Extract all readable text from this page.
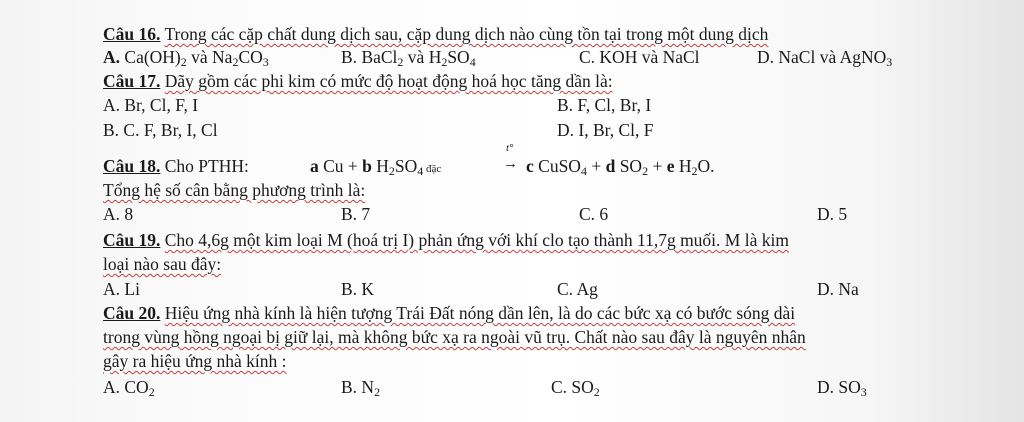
Câu 16. Trong các cặp chất dung dịch sau, cặp dung dịch nào cùng tồn tại trong một dung dịch
A. $Ca(OH)_2$ và $Na_2CO_3$	B. BaCl$_2$ và $H_2SO_4$	C. KOH và NaCl	D. NaCl và AgNO$_3$
Câu 17. Dãy gồm các phi kim có mức độ hoạt động hoá học tăng dần là:
A. Br, Cl, F, I	B. F, Cl, Br, I
B. C. F, Br, I, Cl	D. I, Br, Cl, F
Câu 18. Cho PTHH:	a Cu + b $H_2SO_4$ đặc
t°
→ c CuSO$_4$ + d $SO_2 + e$ $H_2O$.
Tổng hệ số cân bằng phương trình là:
A. 8	B. 7	C. 6	D. 5
Câu 19. Cho 4,6g một kim loại M (hoá trị I) phản ứng với khí clo tạo thành 11,7g muối. M là kim
loại nào sau đây:
A. Li	B. K	C. Ag	D. Na
Câu 20. Hiệu ứng nhà kính là hiện tượng Trái Đất nóng dần lên, là do các bức xạ có bước sóng dài
trong vùng hồng ngoại bị giữ lại, mà không bức xạ ra ngoài vũ trụ. Chất nào sau đây là nguyên nhân
gây ra hiệu ứng nhà kính :
A. $CO_2$	B. $N_2$	C. $SO_2$	D. $SO_3$
